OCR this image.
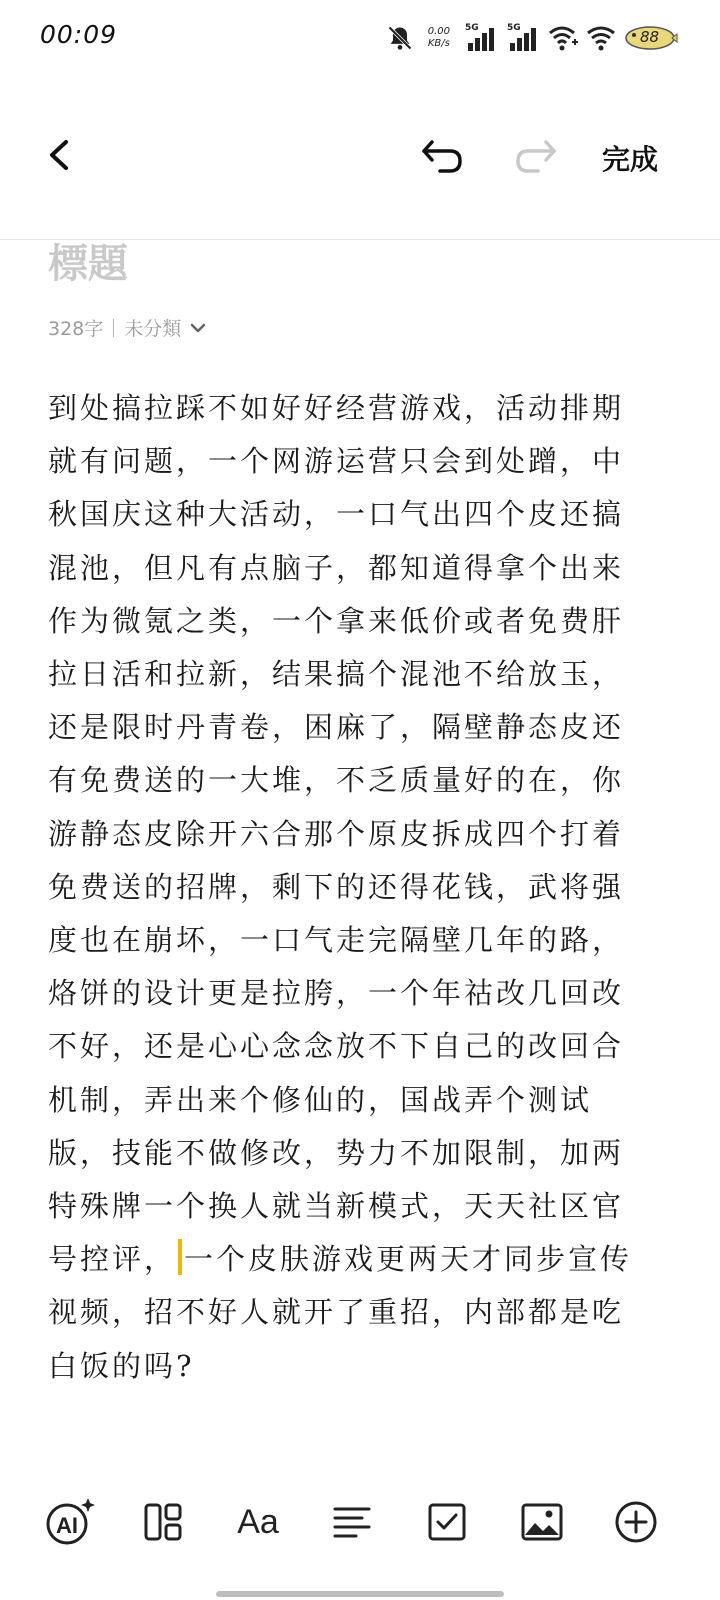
00:09	0.00
KB/s
5G	5G	88
完成
標題
328字 未分類
到处搞拉踩不如好好经营游戏，活动排期就有问题，一个网游运营只会到处蹭，中秋国庆这种大活动，一口气出四个皮还搞混池，但凡有点脑子，都知道得拿个出来作为微氪之类，一个拿来低价或者免费肝拉日活和拉新，结果搞个混池不给放玉，还是限时丹青卷，困麻了，隔壁静态皮还有免费送的一大堆，不乏质量好的在，你游静态皮除开六合那个原皮拆成四个打着免费送的招牌，剩下的还得花钱，武将强度也在崩坏，一口气走完隔壁几年的路，烙饼的设计更是拉胯，一个年祜改几回改不好，还是心心念念放不下自己的改回合机制，弄出来个修仙的，国战弄个测试版，技能不做修改，势力不加限制，加两特殊牌一个换人就当新模式，天天社区官号控评， 一个皮肤游戏更两天才同步宣传视频，招不好人就开了重招，内部都是吃白饭的吗?
AI	Aa
